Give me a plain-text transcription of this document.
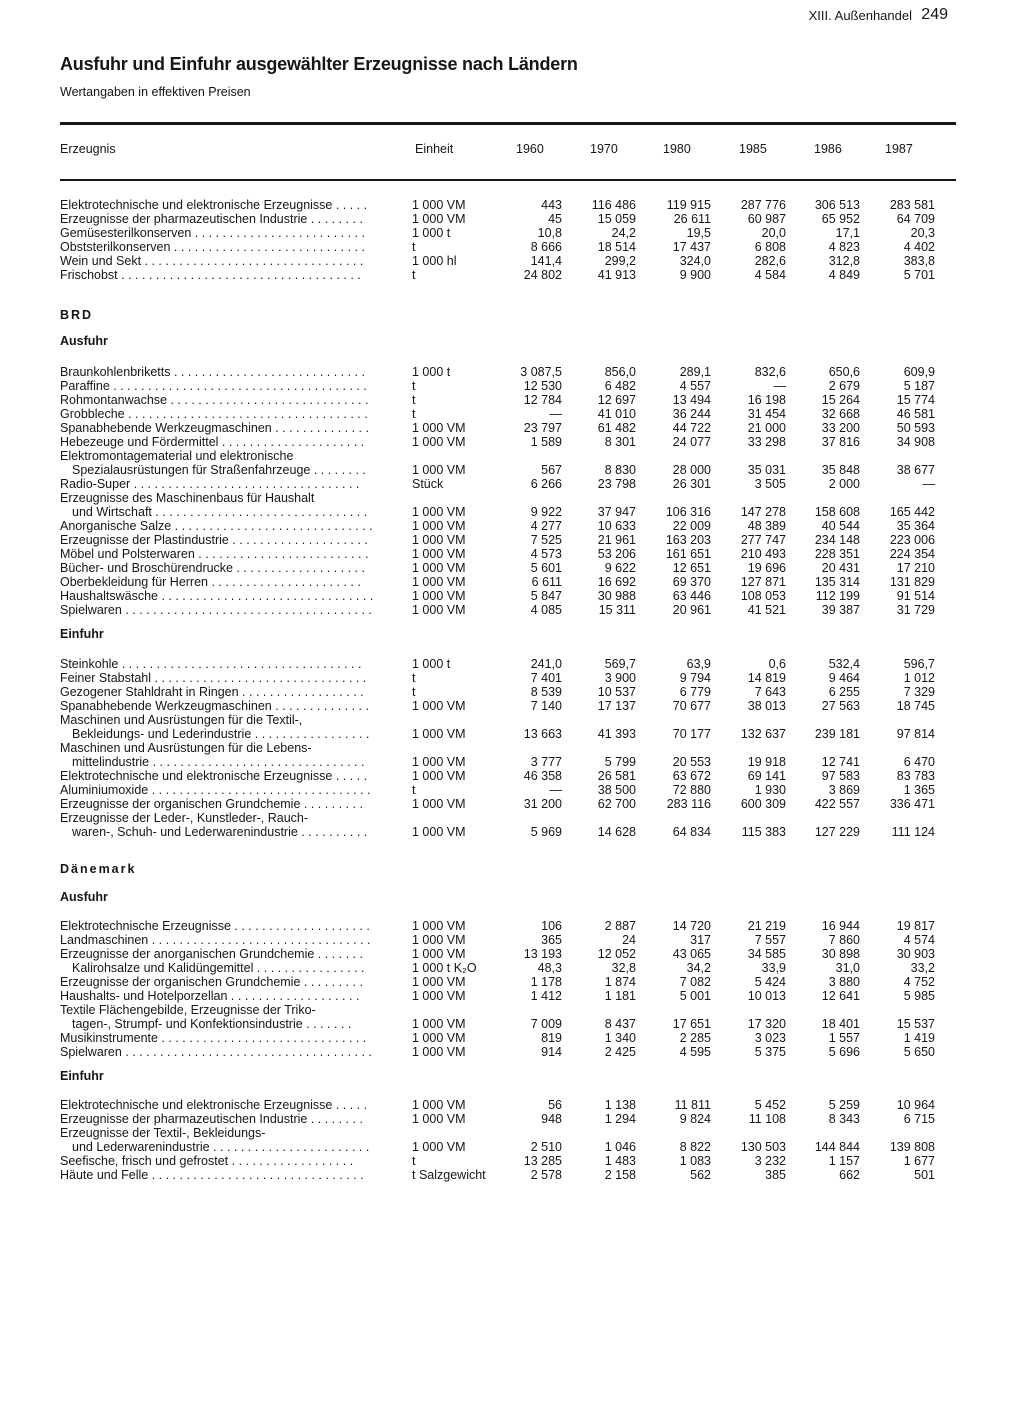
XIII. Außenhandel 249
Ausfuhr und Einfuhr ausgewählter Erzeugnisse nach Ländern
Wertangaben in effektiven Preisen
Erzeugnis	Einheit	1960	1970	1980	1985	1986	1987
BRD
Ausfuhr
Einfuhr
Dänemark
Ausfuhr
Einfuhr
Elektrotechnische und elektronische Erzeugnisse . . . . .	1 000 VM	443	116 486	119 915	287 776	306 513	283 581
Erzeugnisse der pharmazeutischen Industrie . . . . . . . .	1 000 VM	45	15 059	26 611	60 987	65 952	64 709
Gemüsesterilkonserven . . . . . . . . . . . . . . . . . . . . . . . . .	1 000 t	10,8	24,2	19,5	20,0	17,1	20,3
Obststerilkonserven . . . . . . . . . . . . . . . . . . . . . . . . . . . .	t	8 666	18 514	17 437	6 808	4 823	4 402
Wein und Sekt . . . . . . . . . . . . . . . . . . . . . . . . . . . . . . . .	1 000 hl	141,4	299,2	324,0	282,6	312,8	383,8
Frischobst . . . . . . . . . . . . . . . . . . . . . . . . . . . . . . . . . . .	t	24 802	41 913	9 900	4 584	4 849	5 701
Braunkohlenbriketts . . . . . . . . . . . . . . . . . . . . . . . . . . . .	1 000 t	3 087,5	856,0	289,1	832,6	650,6	609,9
Paraffine . . . . . . . . . . . . . . . . . . . . . . . . . . . . . . . . . . . . .	t	12 530	6 482	4 557	—	2 679	5 187
Rohmontanwachse . . . . . . . . . . . . . . . . . . . . . . . . . . . . .	t	12 784	12 697	13 494	16 198	15 264	15 774
Grobbleche . . . . . . . . . . . . . . . . . . . . . . . . . . . . . . . . . . .	t	—	41 010	36 244	31 454	32 668	46 581
Spanabhebende Werkzeugmaschinen . . . . . . . . . . . . . .	1 000 VM	23 797	61 482	44 722	21 000	33 200	50 593
Hebezeuge und Fördermittel . . . . . . . . . . . . . . . . . . . . .	1 000 VM	1 589	8 301	24 077	33 298	37 816	34 908
Elektromontagematerial und elektronische
Spezialausrüstungen für Straßenfahrzeuge . . . . . . . .	1 000 VM	567	8 830	28 000	35 031	35 848	38 677
Radio-Super . . . . . . . . . . . . . . . . . . . . . . . . . . . . . . . . .	Stück	6 266	23 798	26 301	3 505	2 000	—
Erzeugnisse des Maschinenbaus für Haushalt
und Wirtschaft . . . . . . . . . . . . . . . . . . . . . . . . . . . . . . .	1 000 VM	9 922	37 947	106 316	147 278	158 608	165 442
Anorganische Salze . . . . . . . . . . . . . . . . . . . . . . . . . . . . .	1 000 VM	4 277	10 633	22 009	48 389	40 544	35 364
Erzeugnisse der Plastindustrie . . . . . . . . . . . . . . . . . . . .	1 000 VM	7 525	21 961	163 203	277 747	234 148	223 006
Möbel und Polsterwaren . . . . . . . . . . . . . . . . . . . . . . . . .	1 000 VM	4 573	53 206	161 651	210 493	228 351	224 354
Bücher- und Broschürendrucke . . . . . . . . . . . . . . . . . . .	1 000 VM	5 601	9 622	12 651	19 696	20 431	17 210
Oberbekleidung für Herren . . . . . . . . . . . . . . . . . . . . . .	1 000 VM	6 611	16 692	69 370	127 871	135 314	131 829
Haushaltswäsche . . . . . . . . . . . . . . . . . . . . . . . . . . . . . . .	1 000 VM	5 847	30 988	63 446	108 053	112 199	91 514
Spielwaren . . . . . . . . . . . . . . . . . . . . . . . . . . . . . . . . . . . .	1 000 VM	4 085	15 311	20 961	41 521	39 387	31 729
Steinkohle . . . . . . . . . . . . . . . . . . . . . . . . . . . . . . . . . . .	1 000 t	241,0	569,7	63,9	0,6	532,4	596,7
Feiner Stabstahl . . . . . . . . . . . . . . . . . . . . . . . . . . . . . . .	t	7 401	3 900	9 794	14 819	9 464	1 012
Gezogener Stahldraht in Ringen . . . . . . . . . . . . . . . . . .	t	8 539	10 537	6 779	7 643	6 255	7 329
Spanabhebende Werkzeugmaschinen . . . . . . . . . . . . . .	1 000 VM	7 140	17 137	70 677	38 013	27 563	18 745
Maschinen und Ausrüstungen für die Textil-,
Bekleidungs- und Lederindustrie . . . . . . . . . . . . . . . . .	1 000 VM	13 663	41 393	70 177	132 637	239 181	97 814
Maschinen und Ausrüstungen für die Lebens-
mittelindustrie . . . . . . . . . . . . . . . . . . . . . . . . . . . . . . .	1 000 VM	3 777	5 799	20 553	19 918	12 741	6 470
Elektrotechnische und elektronische Erzeugnisse . . . . .	1 000 VM	46 358	26 581	63 672	69 141	97 583	83 783
Aluminiumoxide . . . . . . . . . . . . . . . . . . . . . . . . . . . . . . . .	t	—	38 500	72 880	1 930	3 869	1 365
Erzeugnisse der organischen Grundchemie . . . . . . . . .	1 000 VM	31 200	62 700	283 116	600 309	422 557	336 471
Erzeugnisse der Leder-, Kunstleder-, Rauch-
waren-, Schuh- und Lederwarenindustrie . . . . . . . . . .	1 000 VM	5 969	14 628	64 834	115 383	127 229	111 124
Elektrotechnische Erzeugnisse . . . . . . . . . . . . . . . . . . . .	1 000 VM	106	2 887	14 720	21 219	16 944	19 817
Landmaschinen . . . . . . . . . . . . . . . . . . . . . . . . . . . . . . . .	1 000 VM	365	24	317	7 557	7 860	4 574
Erzeugnisse der anorganischen Grundchemie . . . . . . .	1 000 VM	13 193	12 052	43 065	34 585	30 898	30 903
Kalirohsalze und Kalidüngemittel . . . . . . . . . . . . . . . .	1 000 t K₂O	48,3	32,8	34,2	33,9	31,0	33,2
Erzeugnisse der organischen Grundchemie . . . . . . . . .	1 000 VM	1 178	1 874	7 082	5 424	3 880	4 752
Haushalts- und Hotelporzellan . . . . . . . . . . . . . . . . . . .	1 000 VM	1 412	1 181	5 001	10 013	12 641	5 985
Textile Flächengebilde, Erzeugnisse der Triko-
tagen-, Strumpf- und Konfektionsindustrie . . . . . . .	1 000 VM	7 009	8 437	17 651	17 320	18 401	15 537
Musikinstrumente . . . . . . . . . . . . . . . . . . . . . . . . . . . . . .	1 000 VM	819	1 340	2 285	3 023	1 557	1 419
Spielwaren . . . . . . . . . . . . . . . . . . . . . . . . . . . . . . . . . . . .	1 000 VM	914	2 425	4 595	5 375	5 696	5 650
Elektrotechnische und elektronische Erzeugnisse . . . . .	1 000 VM	56	1 138	11 811	5 452	5 259	10 964
Erzeugnisse der pharmazeutischen Industrie . . . . . . . .	1 000 VM	948	1 294	9 824	11 108	8 343	6 715
Erzeugnisse der Textil-, Bekleidungs-
und Lederwarenindustrie . . . . . . . . . . . . . . . . . . . . . . .	1 000 VM	2 510	1 046	8 822	130 503	144 844	139 808
Seefische, frisch und gefrostet . . . . . . . . . . . . . . . . . .	t	13 285	1 483	1 083	3 232	1 157	1 677
Häute und Felle . . . . . . . . . . . . . . . . . . . . . . . . . . . . . . .	t Salzgewicht	2 578	2 158	562	385	662	501
